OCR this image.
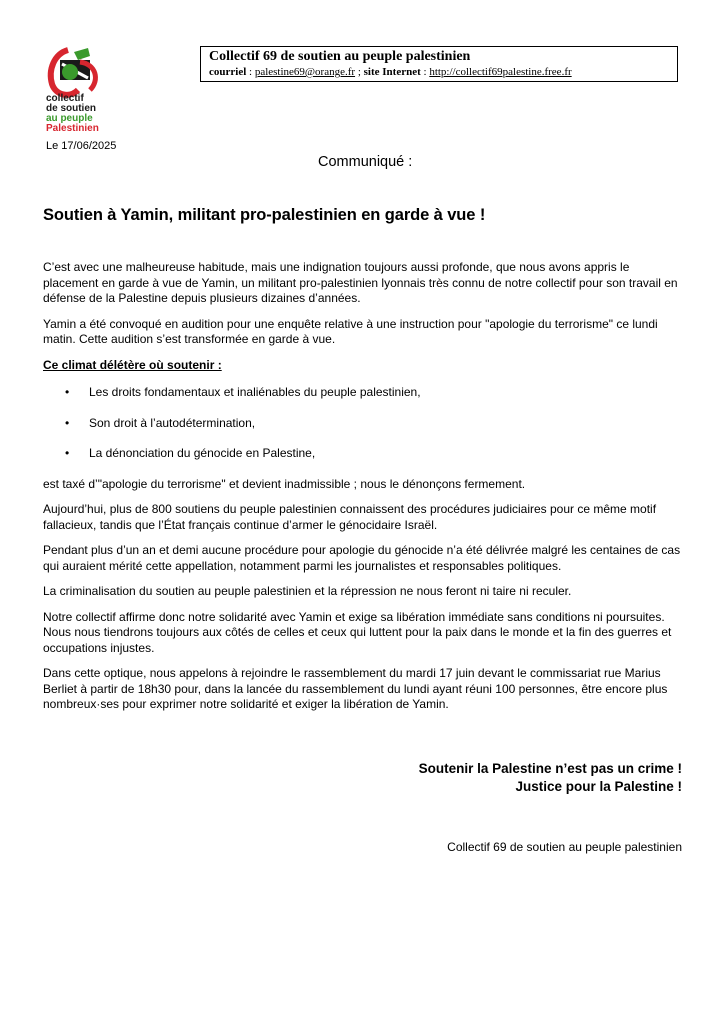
collectif
de soutien
au peuple
Palestinien
Collectif 69 de soutien au peuple palestinien
courriel : palestine69@orange.fr ; site Internet : http://collectif69palestine.free.fr
Le 17/06/2025
Communiqué :
Soutien à Yamin, militant pro-palestinien en garde à vue !

C’est avec une malheureuse habitude, mais une indignation toujours aussi profonde, que nous avons appris le placement en garde à vue de Yamin, un militant pro-palestinien lyonnais très connu de notre collectif pour son travail en défense de la Palestine depuis plusieurs dizaines d’années.

Yamin a été convoqué en audition pour une enquête relative à une instruction pour "apologie du terrorisme" ce lundi matin. Cette audition s’est transformée en garde à vue.

Ce climat délétère où soutenir :
• Les droits fondamentaux et inaliénables du peuple palestinien,
• Son droit à l’autodétermination,
• La dénonciation du génocide en Palestine,

est taxé d’"apologie du terrorisme" et devient inadmissible ; nous le dénonçons fermement.

Aujourd’hui, plus de 800 soutiens du peuple palestinien connaissent des procédures judiciaires pour ce même motif fallacieux, tandis que l’État français continue d’armer le génocidaire Israël.

Pendant plus d’un an et demi aucune procédure pour apologie du génocide n’a été délivrée malgré les centaines de cas qui auraient mérité cette appellation, notamment parmi les journalistes et responsables politiques.

La criminalisation du soutien au peuple palestinien et la répression ne nous feront ni taire ni reculer.

Notre collectif affirme donc notre solidarité avec Yamin et exige sa libération immédiate sans conditions ni poursuites. Nous nous tiendrons toujours aux côtés de celles et ceux qui luttent pour la paix dans le monde et la fin des guerres et occupations injustes.

Dans cette optique, nous appelons à rejoindre le rassemblement du mardi 17 juin devant le commissariat rue Marius Berliet à partir de 18h30 pour, dans la lancée du rassemblement du lundi ayant réuni 100 personnes, être encore plus nombreux·ses pour exprimer notre solidarité et exiger la libération de Yamin.

Soutenir la Palestine n’est pas un crime !
Justice pour la Palestine !
Collectif 69 de soutien au peuple palestinien
